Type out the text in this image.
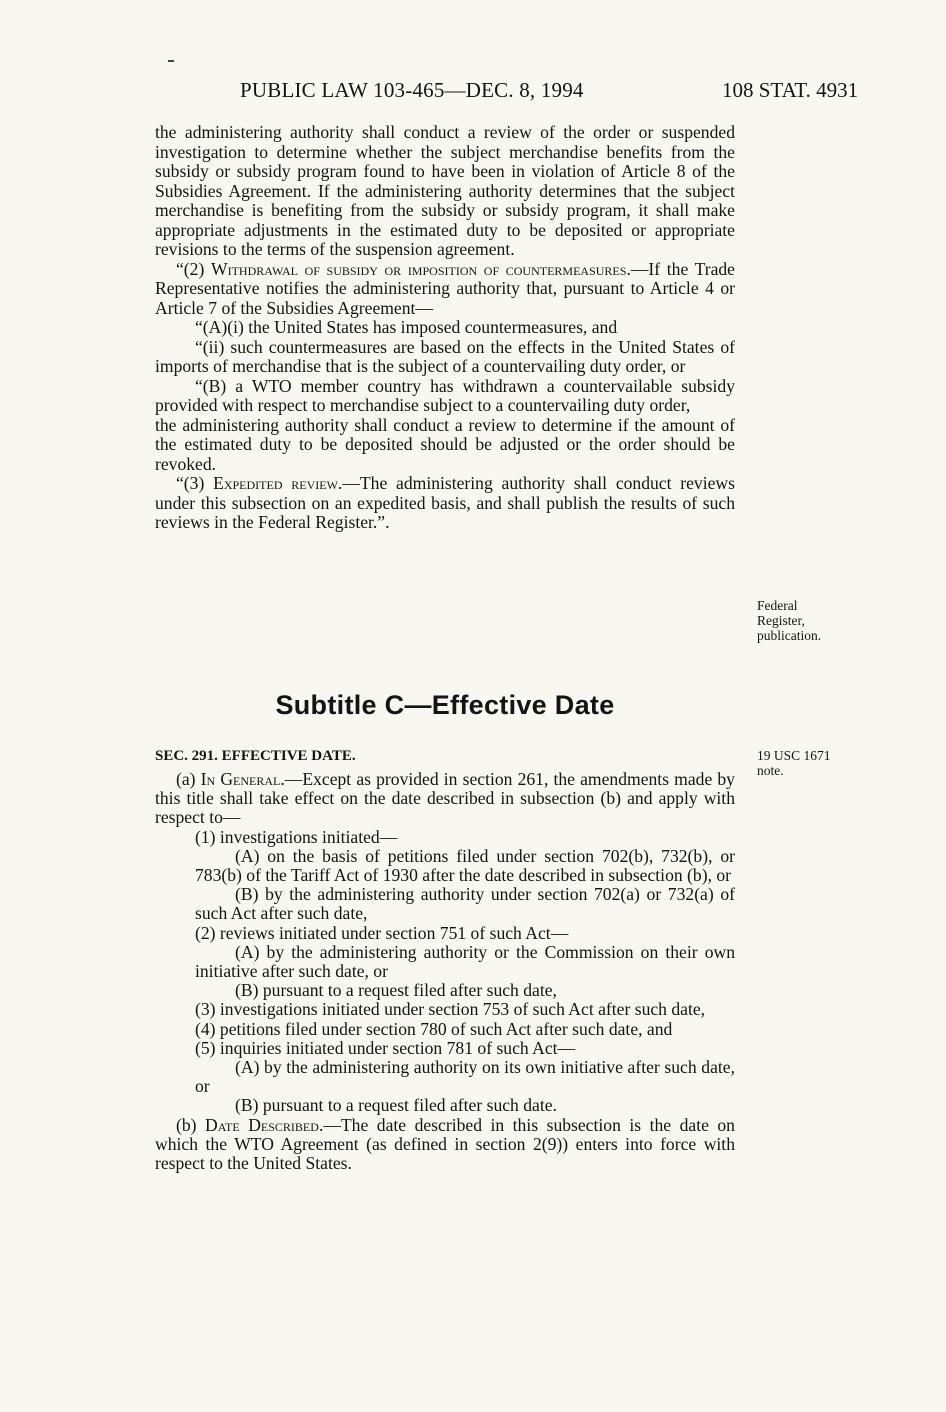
PUBLIC LAW 103-465—DEC. 8, 1994	108 STAT. 4931

the administering authority shall conduct a review of the order or suspended investigation to determine whether the subject merchandise benefits from the subsidy or subsidy program found to have been in violation of Article 8 of the Subsidies Agreement. If the administering authority determines that the subject merchandise is benefiting from the subsidy or subsidy program, it shall make appropriate adjustments in the estimated duty to be deposited or appropriate revisions to the terms of the suspension agreement.

“(2) Withdrawal of subsidy or imposition of countermeasures.—If the Trade Representative notifies the administering authority that, pursuant to Article 4 or Article 7 of the Subsidies Agreement—

“(A)(i) the United States has imposed countermeasures, and

“(ii) such countermeasures are based on the effects in the United States of imports of merchandise that is the subject of a countervailing duty order, or

“(B) a WTO member country has withdrawn a countervailable subsidy provided with respect to merchandise subject to a countervailing duty order,

the administering authority shall conduct a review to determine if the amount of the estimated duty to be deposited should be adjusted or the order should be revoked.

“(3) Expedited review.—The administering authority shall conduct reviews under this subsection on an expedited basis, and shall publish the results of such reviews in the Federal Register.”.

Federal
Register,
publication.
Subtitle C—Effective Date
SEC. 291. EFFECTIVE DATE.	19 USC 1671
note.

(a) In General.—Except as provided in section 261, the amendments made by this title shall take effect on the date described in subsection (b) and apply with respect to—

(1) investigations initiated—

(A) on the basis of petitions filed under section 702(b), 732(b), or 783(b) of the Tariff Act of 1930 after the date described in subsection (b), or

(B) by the administering authority under section 702(a) or 732(a) of such Act after such date,

(2) reviews initiated under section 751 of such Act—

(A) by the administering authority or the Commission on their own initiative after such date, or

(B) pursuant to a request filed after such date,

(3) investigations initiated under section 753 of such Act after such date,

(4) petitions filed under section 780 of such Act after such date, and

(5) inquiries initiated under section 781 of such Act—

(A) by the administering authority on its own initiative after such date, or

(B) pursuant to a request filed after such date.

(b) Date Described.—The date described in this subsection is the date on which the WTO Agreement (as defined in section 2(9)) enters into force with respect to the United States.
